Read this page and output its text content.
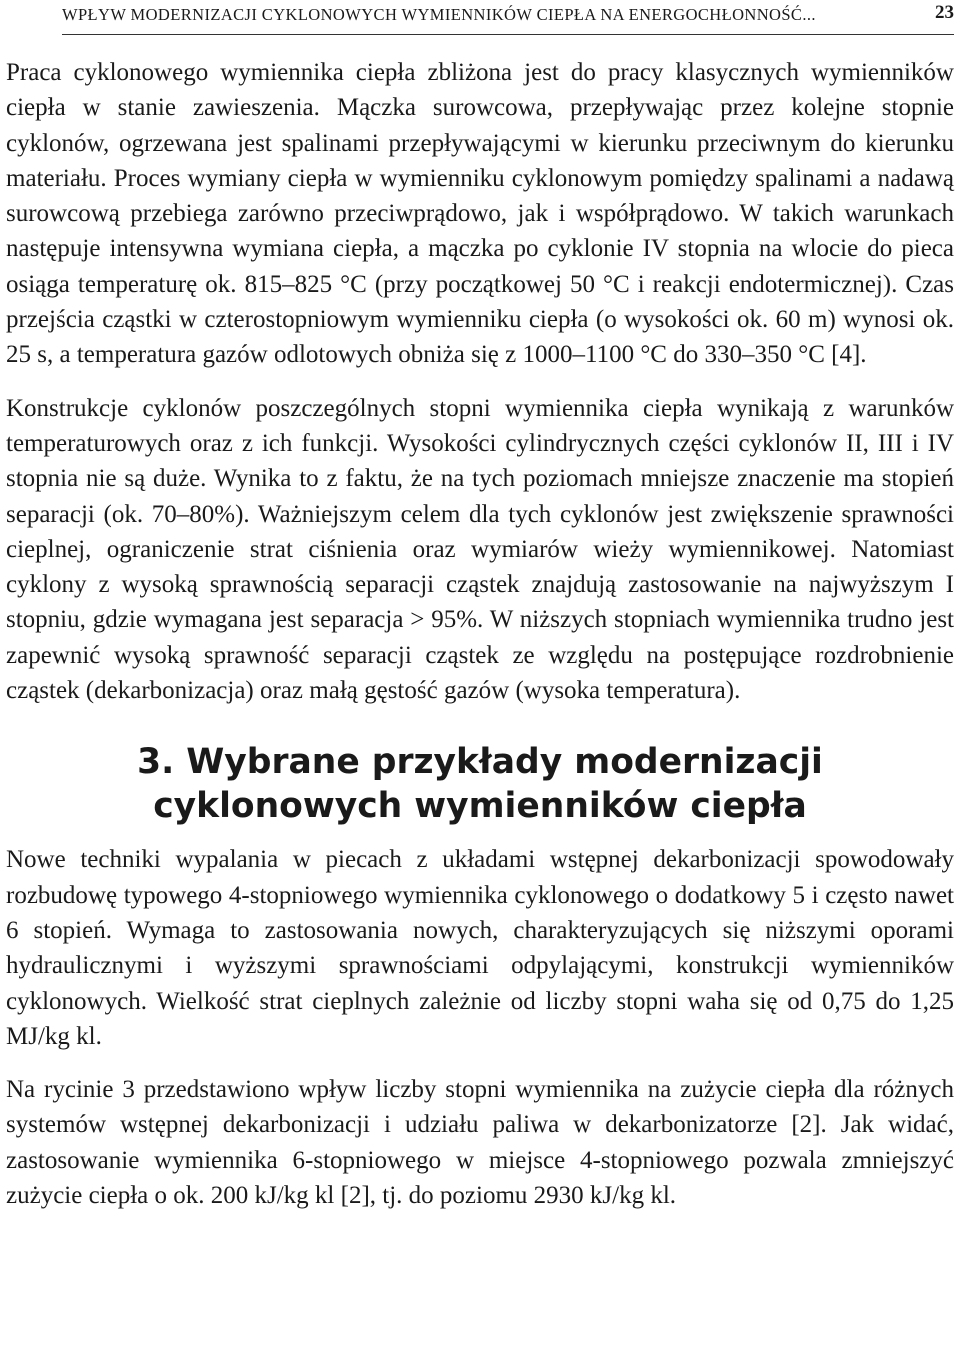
WPŁYW MODERNIZACJI CYKLONOWYCH WYMIENNIKÓW CIEPŁA NA ENERGOCHŁONNOŚĆ...	23

Praca cyklonowego wymiennika ciepła zbliżona jest do pracy klasycznych wymienników ciepła w stanie zawieszenia. Mączka surowcowa, przepływając przez kolejne stopnie cyklonów, ogrzewana jest spalinami przepływającymi w kierunku przeciwnym do kierunku materiału. Proces wymiany ciepła w wymienniku cyklonowym pomiędzy spalinami a nadawą surowcową przebiega zarówno przeciwprądowo, jak i współprądowo. W takich warunkach następuje intensywna wymiana ciepła, a mączka po cyklonie IV stopnia na wlocie do pieca osiąga temperaturę ok. 815–825 °C (przy początkowej 50 °C i reakcji endotermicznej). Czas przejścia cząstki w czterostopniowym wymienniku ciepła (o wysokości ok. 60 m) wynosi ok. 25 s, a temperatura gazów odlotowych obniża się z 1000–1100 °C do 330–350 °C [4].

Konstrukcje cyklonów poszczególnych stopni wymiennika ciepła wynikają z warunków temperaturowych oraz z ich funkcji. Wysokości cylindrycznych części cyklonów II, III i IV stopnia nie są duże. Wynika to z faktu, że na tych poziomach mniejsze znaczenie ma stopień separacji (ok. 70–80%). Ważniejszym celem dla tych cyklonów jest zwiększenie sprawności cieplnej, ograniczenie strat ciśnienia oraz wymiarów wieży wymiennikowej. Natomiast cyklony z wysoką sprawnością separacji cząstek znajdują zastosowanie na najwyższym I stopniu, gdzie wymagana jest separacja > 95%. W niższych stopniach wymiennika trudno jest zapewnić wysoką sprawność separacji cząstek ze względu na postępujące rozdrobnienie cząstek (dekarbonizacja) oraz małą gęstość gazów (wysoka temperatura).

3. Wybrane przykłady modernizacji cyklonowych wymienników ciepła

Nowe techniki wypalania w piecach z układami wstępnej dekarbonizacji spowodowały rozbudowę typowego 4-stopniowego wymiennika cyklonowego o dodatkowy 5 i często nawet 6 stopień. Wymaga to zastosowania nowych, charakteryzujących się niższymi oporami hydraulicznymi i wyższymi sprawnościami odpylającymi, konstrukcji wymienników cyklonowych. Wielkość strat cieplnych zależnie od liczby stopni waha się od 0,75 do 1,25 MJ/kg kl.

Na rycinie 3 przedstawiono wpływ liczby stopni wymiennika na zużycie ciepła dla różnych systemów wstępnej dekarbonizacji i udziału paliwa w dekarbonizatorze [2]. Jak widać, zastosowanie wymiennika 6-stopniowego w miejsce 4-stopniowego pozwala zmniejszyć zużycie ciepła o ok. 200 kJ/kg kl [2], tj. do poziomu 2930 kJ/kg kl.
